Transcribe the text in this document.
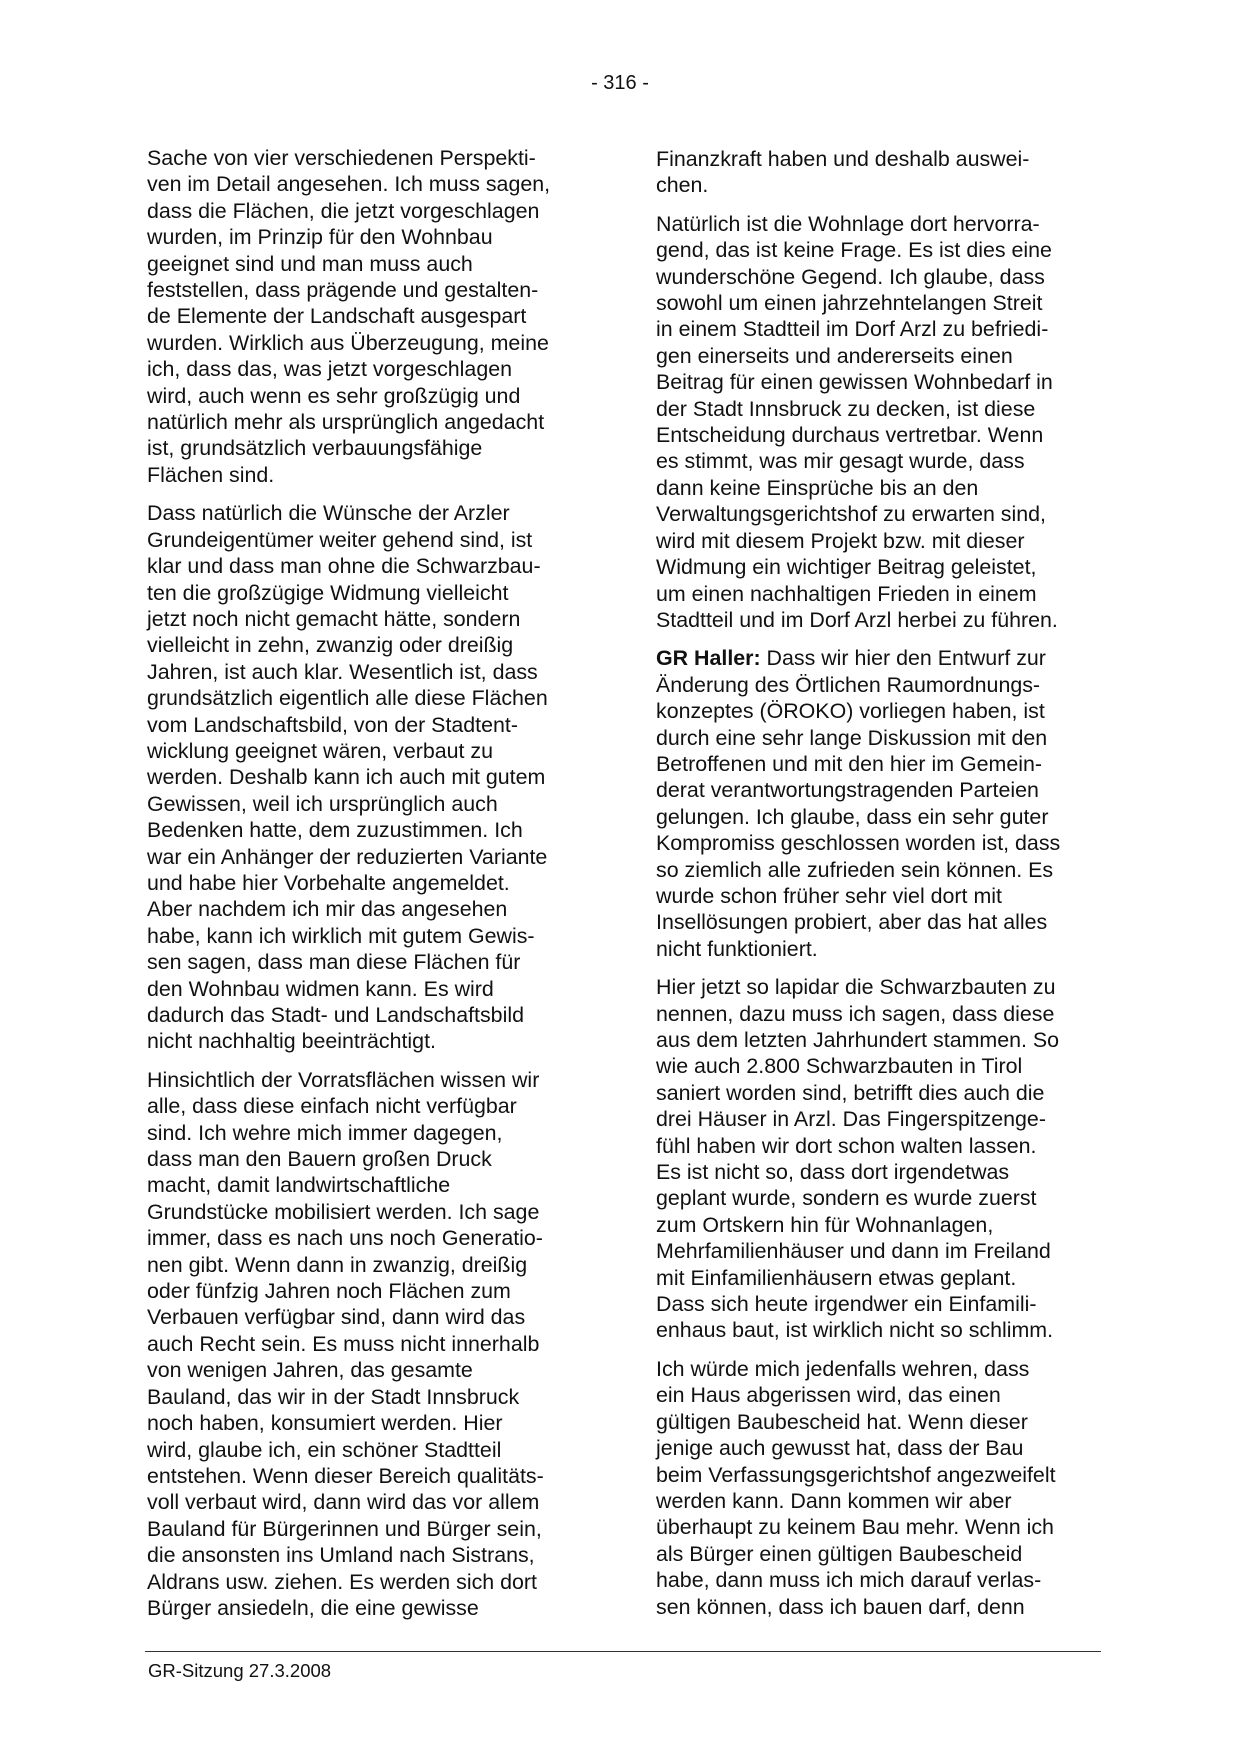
- 316 -
Sache von vier verschiedenen Perspekti-
ven im Detail angesehen. Ich muss sagen,
dass die Flächen, die jetzt vorgeschlagen
wurden, im Prinzip für den Wohnbau
geeignet sind und man muss auch
feststellen, dass prägende und gestalten-
de Elemente der Landschaft ausgespart
wurden. Wirklich aus Überzeugung, meine
ich, dass das, was jetzt vorgeschlagen
wird, auch wenn es sehr großzügig und
natürlich mehr als ursprünglich angedacht
ist, grundsätzlich verbauungsfähige
Flächen sind.
Dass natürlich die Wünsche der Arzler
Grundeigentümer weiter gehend sind, ist
klar und dass man ohne die Schwarzbau-
ten die großzügige Widmung vielleicht
jetzt noch nicht gemacht hätte, sondern
vielleicht in zehn, zwanzig oder dreißig
Jahren, ist auch klar. Wesentlich ist, dass
grundsätzlich eigentlich alle diese Flächen
vom Landschaftsbild, von der Stadtent-
wicklung geeignet wären, verbaut zu
werden. Deshalb kann ich auch mit gutem
Gewissen, weil ich ursprünglich auch
Bedenken hatte, dem zuzustimmen. Ich
war ein Anhänger der reduzierten Variante
und habe hier Vorbehalte angemeldet.
Aber nachdem ich mir das angesehen
habe, kann ich wirklich mit gutem Gewis-
sen sagen, dass man diese Flächen für
den Wohnbau widmen kann. Es wird
dadurch das Stadt- und Landschaftsbild
nicht nachhaltig beeinträchtigt.
Hinsichtlich der Vorratsflächen wissen wir
alle, dass diese einfach nicht verfügbar
sind. Ich wehre mich immer dagegen,
dass man den Bauern großen Druck
macht, damit landwirtschaftliche
Grundstücke mobilisiert werden. Ich sage
immer, dass es nach uns noch Generatio-
nen gibt. Wenn dann in zwanzig, dreißig
oder fünfzig Jahren noch Flächen zum
Verbauen verfügbar sind, dann wird das
auch Recht sein. Es muss nicht innerhalb
von wenigen Jahren, das gesamte
Bauland, das wir in der Stadt Innsbruck
noch haben, konsumiert werden. Hier
wird, glaube ich, ein schöner Stadtteil
entstehen. Wenn dieser Bereich qualitäts-
voll verbaut wird, dann wird das vor allem
Bauland für Bürgerinnen und Bürger sein,
die ansonsten ins Umland nach Sistrans,
Aldrans usw. ziehen. Es werden sich dort
Bürger ansiedeln, die eine gewisse
Finanzkraft haben und deshalb auswei-
chen.
Natürlich ist die Wohnlage dort hervorra-
gend, das ist keine Frage. Es ist dies eine
wunderschöne Gegend. Ich glaube, dass
sowohl um einen jahrzehntelangen Streit
in einem Stadtteil im Dorf Arzl zu befriedi-
gen einerseits und andererseits einen
Beitrag für einen gewissen Wohnbedarf in
der Stadt Innsbruck zu decken, ist diese
Entscheidung durchaus vertretbar. Wenn
es stimmt, was mir gesagt wurde, dass
dann keine Einsprüche bis an den
Verwaltungsgerichtshof zu erwarten sind,
wird mit diesem Projekt bzw. mit dieser
Widmung ein wichtiger Beitrag geleistet,
um einen nachhaltigen Frieden in einem
Stadtteil und im Dorf Arzl herbei zu führen.
GR Haller: Dass wir hier den Entwurf zur
Änderung des Örtlichen Raumordnungs-
konzeptes (ÖROKO) vorliegen haben, ist
durch eine sehr lange Diskussion mit den
Betroffenen und mit den hier im Gemein-
derat verantwortungstragenden Parteien
gelungen. Ich glaube, dass ein sehr guter
Kompromiss geschlossen worden ist, dass
so ziemlich alle zufrieden sein können. Es
wurde schon früher sehr viel dort mit
Insellösungen probiert, aber das hat alles
nicht funktioniert.
Hier jetzt so lapidar die Schwarzbauten zu
nennen, dazu muss ich sagen, dass diese
aus dem letzten Jahrhundert stammen. So
wie auch 2.800 Schwarzbauten in Tirol
saniert worden sind, betrifft dies auch die
drei Häuser in Arzl. Das Fingerspitzenge-
fühl haben wir dort schon walten lassen.
Es ist nicht so, dass dort irgendetwas
geplant wurde, sondern es wurde zuerst
zum Ortskern hin für Wohnanlagen,
Mehrfamilienhäuser und dann im Freiland
mit Einfamilienhäusern etwas geplant.
Dass sich heute irgendwer ein Einfamili-
enhaus baut, ist wirklich nicht so schlimm.
Ich würde mich jedenfalls wehren, dass
ein Haus abgerissen wird, das einen
gültigen Baubescheid hat. Wenn dieser
jenige auch gewusst hat, dass der Bau
beim Verfassungsgerichtshof angezweifelt
werden kann. Dann kommen wir aber
überhaupt zu keinem Bau mehr. Wenn ich
als Bürger einen gültigen Baubescheid
habe, dann muss ich mich darauf verlas-
sen können, dass ich bauen darf, denn
GR-Sitzung 27.3.2008
